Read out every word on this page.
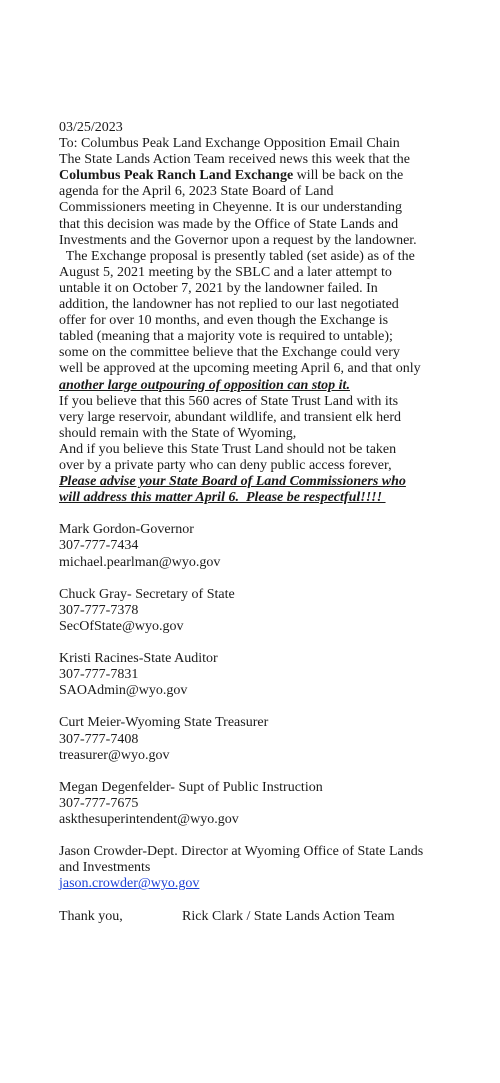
03/25/2023
To: Columbus Peak Land Exchange Opposition Email Chain
The State Lands Action Team received news this week that the
Columbus Peak Ranch Land Exchange will be back on the
agenda for the April 6, 2023 State Board of Land
Commissioners meeting in Cheyenne. It is our understanding
that this decision was made by the Office of State Lands and
Investments and the Governor upon a request by the landowner.
The Exchange proposal is presently tabled (set aside) as of the
August 5, 2021 meeting by the SBLC and a later attempt to
untable it on October 7, 2021 by the landowner failed. In
addition, the landowner has not replied to our last negotiated
offer for over 10 months, and even though the Exchange is
tabled (meaning that a majority vote is required to untable);
some on the committee believe that the Exchange could very
well be approved at the upcoming meeting April 6, and that only
another large outpouring of opposition can stop it.
If you believe that this 560 acres of State Trust Land with its
very large reservoir, abundant wildlife, and transient elk herd
should remain with the State of Wyoming,
And if you believe this State Trust Land should not be taken
over by a private party who can deny public access forever,
Please advise your State Board of Land Commissioners who
will address this matter April 6.  Please be respectful!!!!
Mark Gordon-Governor
307-777-7434
michael.pearlman@wyo.gov
Chuck Gray- Secretary of State
307-777-7378
SecOfState@wyo.gov
Kristi Racines-State Auditor
307-777-7831
SAOAdmin@wyo.gov
Curt Meier-Wyoming State Treasurer
307-777-7408
treasurer@wyo.gov
Megan Degenfelder- Supt of Public Instruction
307-777-7675
askthesuperintendent@wyo.gov
Jason Crowder-Dept. Director at Wyoming Office of State Lands
and Investments
jason.crowder@wyo.gov
Thank you,	Rick Clark / State Lands Action Team
